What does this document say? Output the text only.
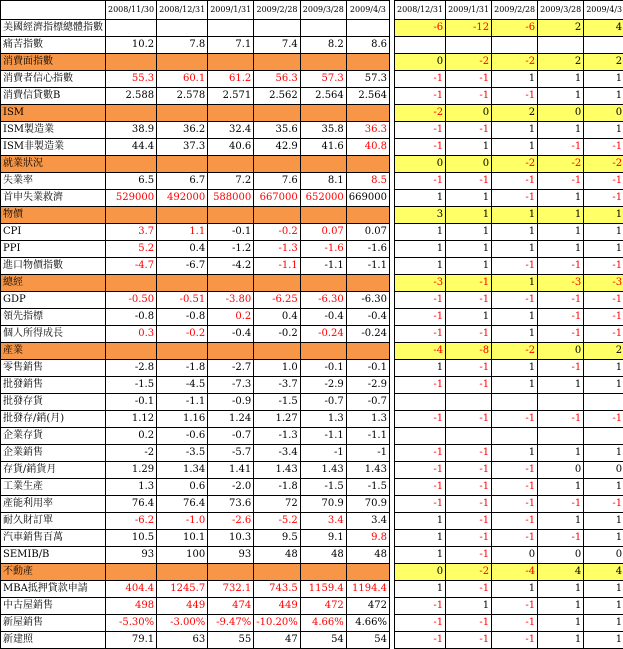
	2008/11/30	2008/12/31	2009/1/31	2009/2/28	2009/3/28	2009/4/3		2008/12/31	2009/1/31	2009/2/28	2009/3/28	2009/4/3
美國經濟指標總體指數								-6	-12	-6	2	4
痛苦指數	10.2	7.8	7.1	7.4	8.2	8.6						
消費面指數								0	-2	-2	2	2
消費者信心指數	55.3	60.1	61.2	56.3	57.3	57.3		-1	-1	1	1	1
消費信貸數B	2.588	2.578	2.571	2.562	2.564	2.564		-1	-1	-1	1	1
ISM								-2	0	2	0	0
ISM製造業	38.9	36.2	32.4	35.6	35.8	36.3		-1	-1	1	1	1
ISM非製造業	44.4	37.3	40.6	42.9	41.6	40.8		-1	1	1	-1	-1
就業狀況								0	0	-2	-2	-2
失業率	6.5	6.7	7.2	7.6	8.1	8.5		-1	-1	-1	-1	-1
首申失業救濟	529000	492000	588000	667000	652000	669000		1	1	-1	1	-1
物價								3	1	1	1	1
CPI	3.7	1.1	-0.1	-0.2	0.07	0.07		1	1	1	1	1
PPI	5.2	0.4	-1.2	-1.3	-1.6	-1.6		1	1	1	1	1
進口物價指數	-4.7	-6.7	-4.2	-1.1	-1.1	-1.1		1	1	-1	-1	-1
總經								-3	-1	1	-3	-3
GDP	-0.50	-0.51	-3.80	-6.25	-6.30	-6.30		-1	-1	-1	-1	-1
領先指標	-0.8	-0.8	0.2	0.4	-0.4	-0.4		-1	1	1	-1	-1
個人所得成長	0.3	-0.2	-0.4	-0.2	-0.24	-0.24		-1	-1	1	-1	-1
產業								-4	-8	-2	0	2
零售銷售	-2.8	-1.8	-2.7	1.0	-0.1	-0.1		1	-1	1	-1	1
批發銷售	-1.5	-4.5	-7.3	-3.7	-2.9	-2.9		-1	-1	1	1	1
批發存貨	-0.1	-1.1	-0.9	-1.5	-0.7	-0.7						
批發存/銷(月)	1.12	1.16	1.24	1.27	1.3	1.3		-1	-1	-1	-1	-1
企業存貨	0.2	-0.6	-0.7	-1.3	-1.1	-1.1						
企業銷售	-2	-3.5	-5.7	-3.4	-1	-1		-1	-1	1	1	1
存貨/銷貨月	1.29	1.34	1.41	1.43	1.43	1.43		-1	-1	-1	0	0
工業生產	1.3	0.6	-2.0	-1.8	-1.5	-1.5		-1	-1	-1	1	1
產能利用率	76.4	76.4	73.6	72	70.9	70.9		-1	-1	-1	-1	-1
耐久財訂單	-6.2	-1.0	-2.6	-5.2	3.4	3.4		1	-1	-1	1	1
汽車銷售百萬	10.5	10.1	10.3	9.5	9.1	9.8		1	-1	-1	-1	1
SEMIB/B	93	100	93	48	48	48		1	-1	0	0	0
不動產								0	-2	-4	4	4
MBA抵押貸款申請	404.4	1245.7	732.1	743.5	1159.4	1194.4		1	-1	1	1	1
中古屋銷售	498	449	474	449	472	472		-1	1	-1	1	1
新屋銷售	-5.30%	-3.00%	-9.47%	-10.20%	4.66%	4.66%		-1	-1	-1	1	1
新建照	79.1	63	55	47	54	54		-1	-1	-1	1	1
